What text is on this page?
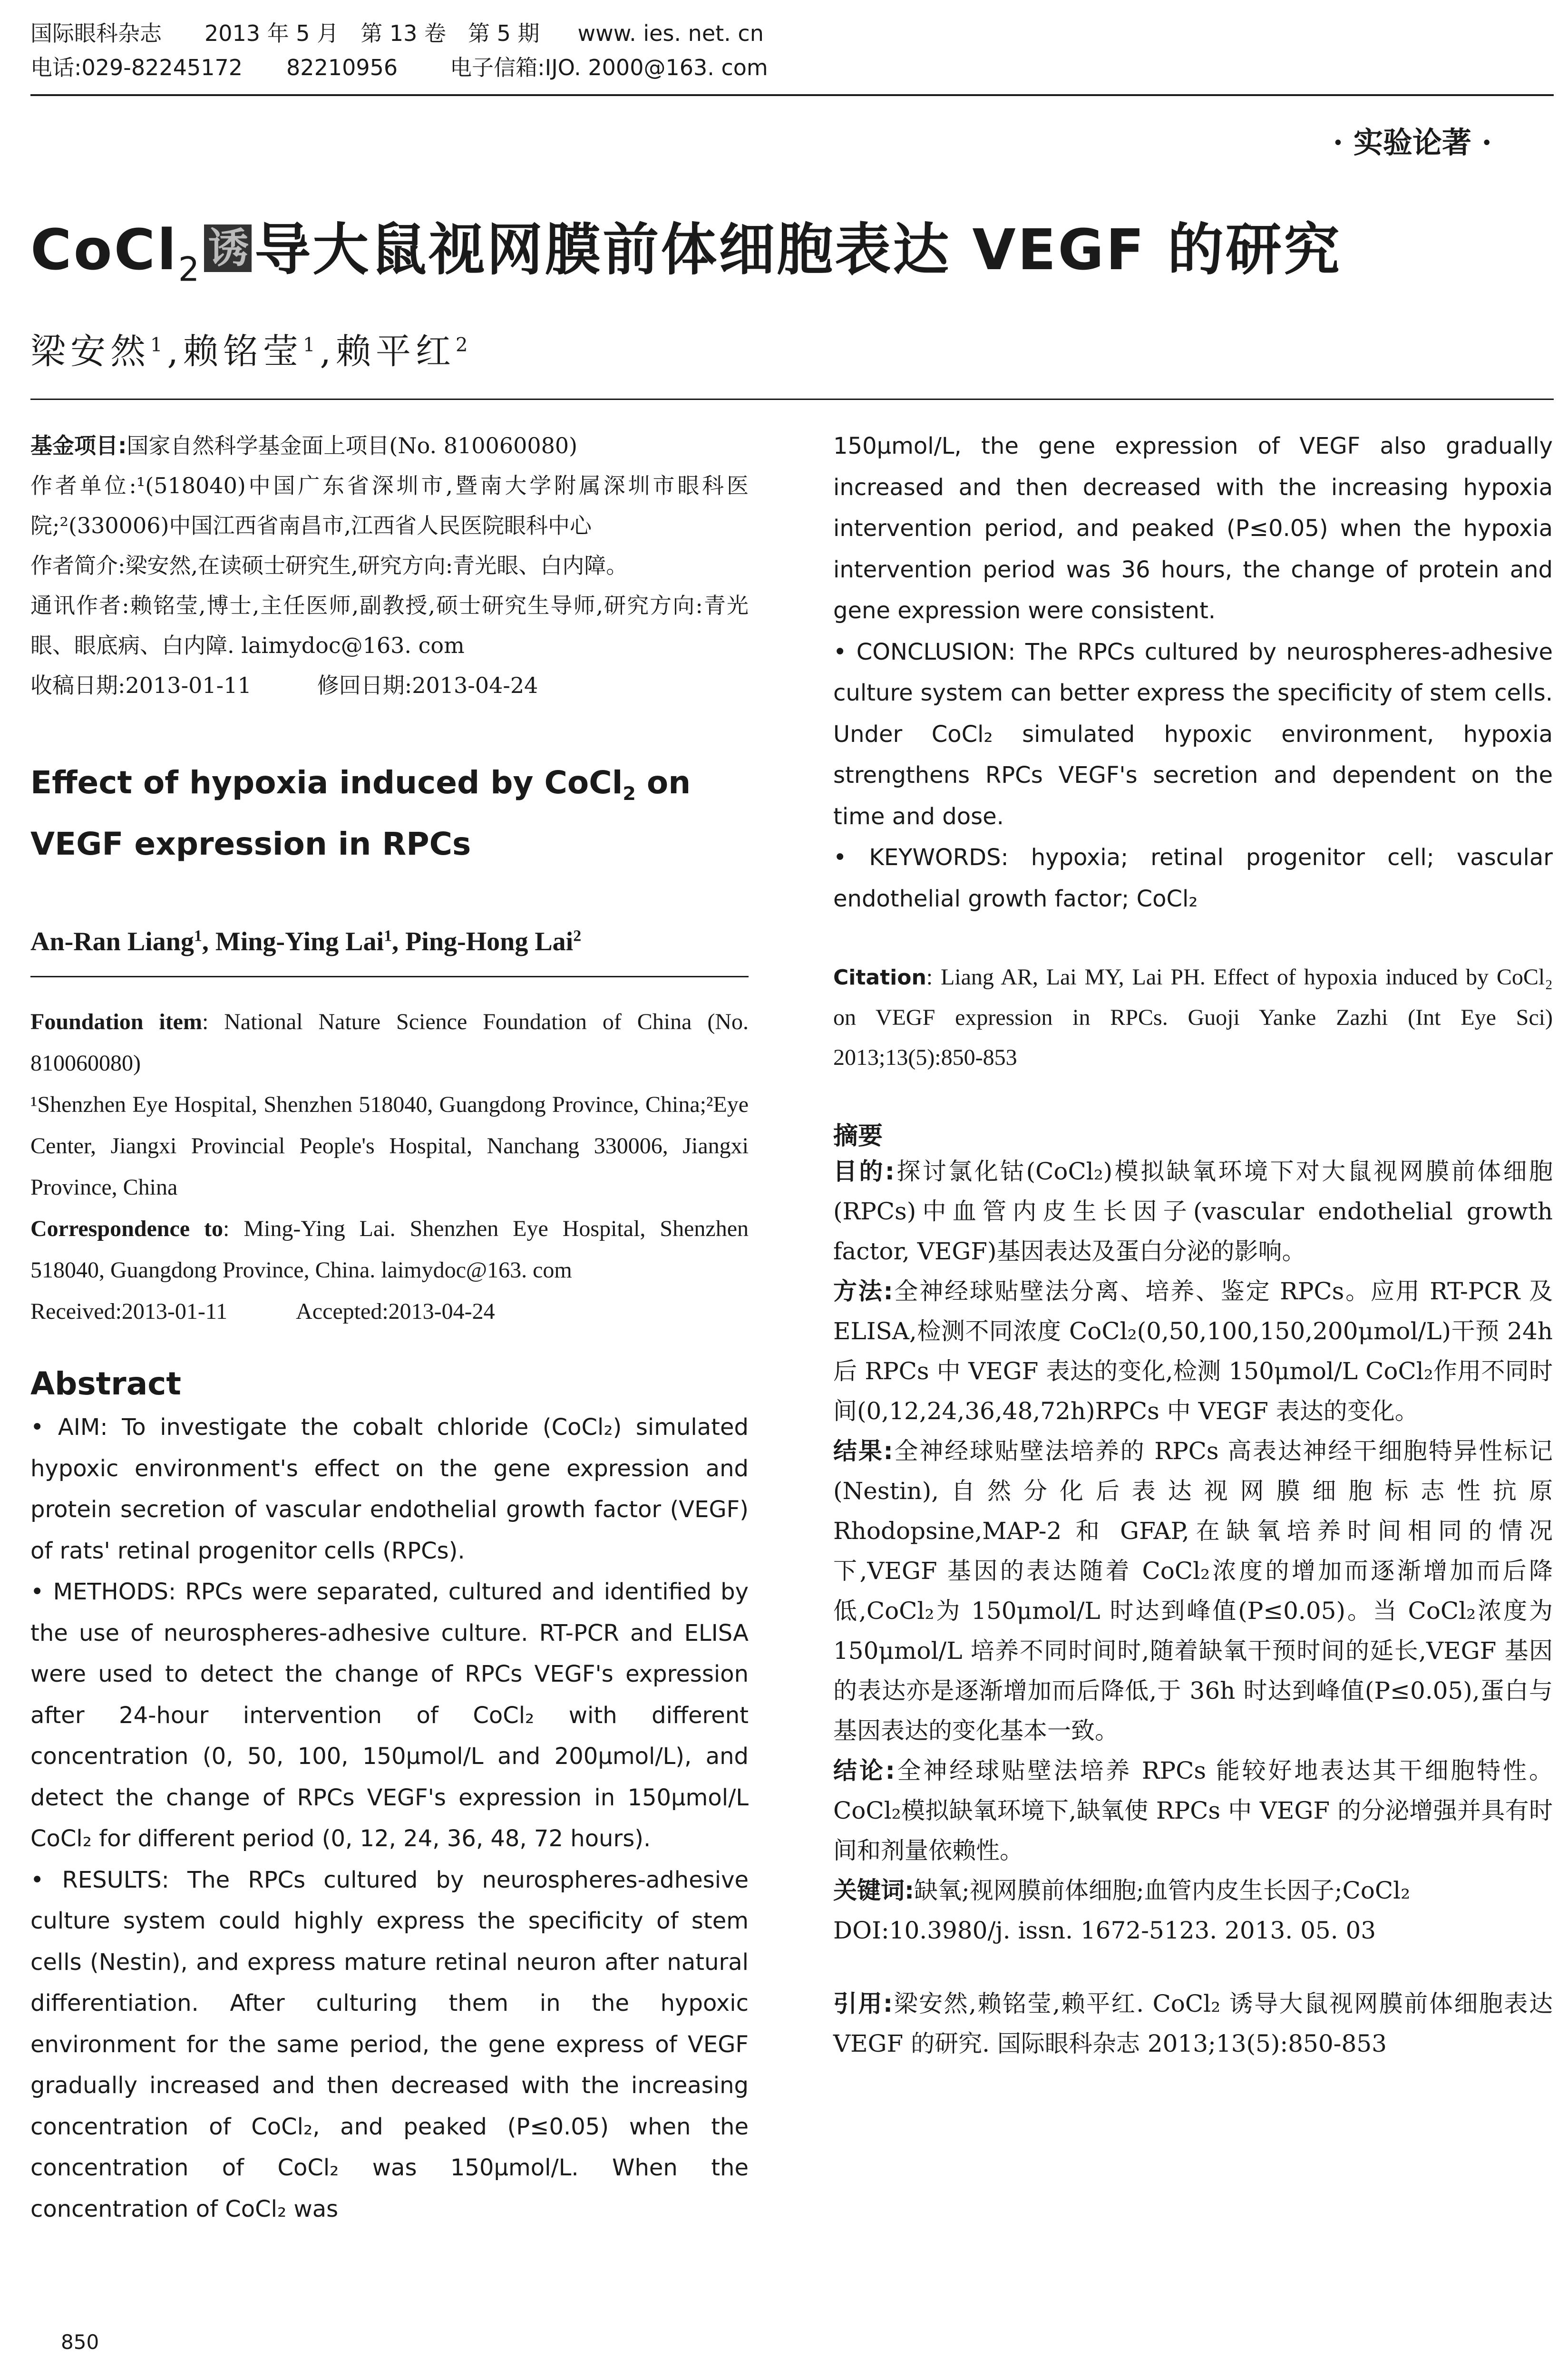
国际眼科杂志 2013 年 5 月　第 13 卷　第 5 期 www. ies. net. cn
电话:029-82245172　　82210956 电子信箱:IJO. 2000@163. com
· 实验论著 ·
CoCl$_2$ 诱 导大鼠视网膜前体细胞表达 VEGF 的研究
梁安然$^1$,赖铭莹$^1$,赖平红$^2$

基金项目:国家自然科学基金面上项目(No. 810060080)

作者单位:¹(518040)中国广东省深圳市,暨南大学附属深圳市眼科医院;²(330006)中国江西省南昌市,江西省人民医院眼科中心

作者简介:梁安然,在读硕士研究生,研究方向:青光眼、白内障。

通讯作者:赖铭莹,博士,主任医师,副教授,硕士研究生导师,研究方向:青光眼、眼底病、白内障. laimydoc@163. com

收稿日期:2013-01-11　　　修回日期:2013-04-24

Effect of hypoxia induced by CoCl$_2$ on VEGF expression in RPCs

An-Ran Liang$^1$, Ming-Ying Lai$^1$, Ping-Hong Lai$^2$

Foundation item: National Nature Science Foundation of China (No. 810060080)

¹Shenzhen Eye Hospital, Shenzhen 518040, Guangdong Province, China;²Eye Center, Jiangxi Provincial People's Hospital, Nanchang 330006, Jiangxi Province, China

Correspondence to: Ming-Ying Lai. Shenzhen Eye Hospital, Shenzhen 518040, Guangdong Province, China. laimydoc@163. com

Received:2013-01-11　　　Accepted:2013-04-24

Abstract

• AIM: To investigate the cobalt chloride (CoCl₂) simulated hypoxic environment's effect on the gene expression and protein secretion of vascular endothelial growth factor (VEGF) of rats' retinal progenitor cells (RPCs).

• METHODS: RPCs were separated, cultured and identified by the use of neurospheres-adhesive culture. RT-PCR and ELISA were used to detect the change of RPCs VEGF's expression after 24-hour intervention of CoCl₂ with different concentration (0, 50, 100, 150μmol/L and 200μmol/L), and detect the change of RPCs VEGF's expression in 150μmol/L CoCl₂ for different period (0, 12, 24, 36, 48, 72 hours).

• RESULTS: The RPCs cultured by neurospheres-adhesive culture system could highly express the specificity of stem cells (Nestin), and express mature retinal neuron after natural differentiation. After culturing them in the hypoxic environment for the same period, the gene express of VEGF gradually increased and then decreased with the increasing concentration of CoCl₂, and peaked (P≤0.05) when the concentration of CoCl₂ was 150μmol/L. When the concentration of CoCl₂ was

150μmol/L, the gene expression of VEGF also gradually increased and then decreased with the increasing hypoxia intervention period, and peaked (P≤0.05) when the hypoxia intervention period was 36 hours, the change of protein and gene expression were consistent.

• CONCLUSION: The RPCs cultured by neurospheres-adhesive culture system can better express the specificity of stem cells. Under CoCl₂ simulated hypoxic environment, hypoxia strengthens RPCs VEGF's secretion and dependent on the time and dose.

• KEYWORDS: hypoxia; retinal progenitor cell; vascular endothelial growth factor; CoCl₂

Citation: Liang AR, Lai MY, Lai PH. Effect of hypoxia induced by CoCl₂ on VEGF expression in RPCs. Guoji Yanke Zazhi (Int Eye Sci) 2013;13(5):850-853

摘要

目的:探讨氯化钴(CoCl₂)模拟缺氧环境下对大鼠视网膜前体细胞(RPCs)中血管内皮生长因子(vascular endothelial growth factor, VEGF)基因表达及蛋白分泌的影响。

方法:全神经球贴壁法分离、培养、鉴定 RPCs。应用 RT-PCR 及 ELISA,检测不同浓度 CoCl₂(0,50,100,150,200μmol/L)干预 24h 后 RPCs 中 VEGF 表达的变化,检测 150μmol/L CoCl₂作用不同时间(0,12,24,36,48,72h)RPCs 中 VEGF 表达的变化。

结果:全神经球贴壁法培养的 RPCs 高表达神经干细胞特异性标记(Nestin),自然分化后表达视网膜细胞标志性抗原 Rhodopsine,MAP-2 和 GFAP,在缺氧培养时间相同的情况下,VEGF 基因的表达随着 CoCl₂浓度的增加而逐渐增加而后降低,CoCl₂为 150μmol/L 时达到峰值(P≤0.05)。当 CoCl₂浓度为 150μmol/L 培养不同时间时,随着缺氧干预时间的延长,VEGF 基因的表达亦是逐渐增加而后降低,于 36h 时达到峰值(P≤0.05),蛋白与基因表达的变化基本一致。

结论:全神经球贴壁法培养 RPCs 能较好地表达其干细胞特性。CoCl₂模拟缺氧环境下,缺氧使 RPCs 中 VEGF 的分泌增强并具有时间和剂量依赖性。

关键词:缺氧;视网膜前体细胞;血管内皮生长因子;CoCl₂

DOI:10.3980/j. issn. 1672-5123. 2013. 05. 03

引用:梁安然,赖铭莹,赖平红. CoCl₂ 诱导大鼠视网膜前体细胞表达 VEGF 的研究. 国际眼科杂志 2013;13(5):850-853

850
